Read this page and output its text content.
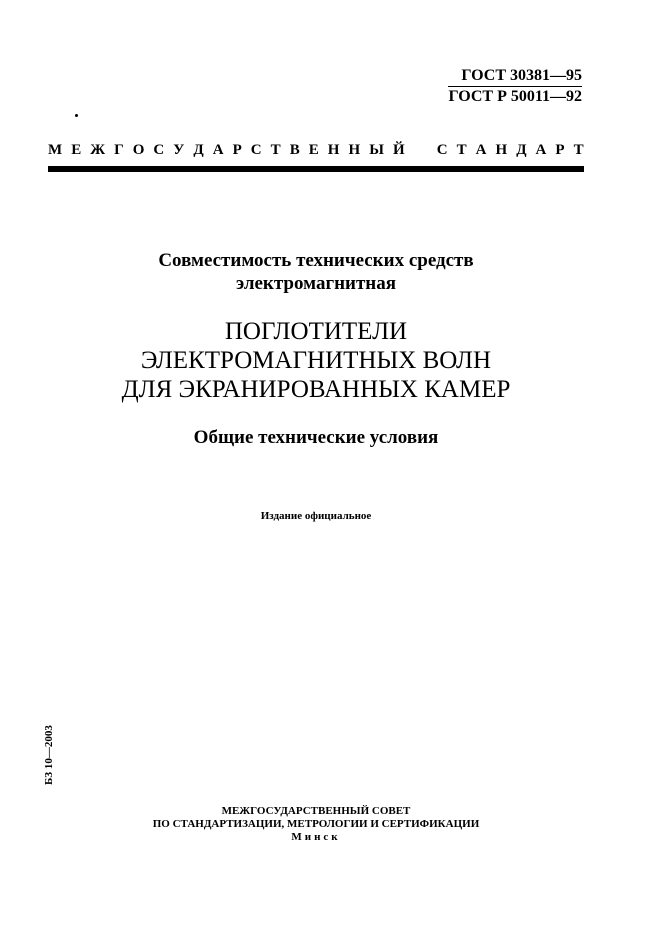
ГОСТ 30381—95
ГОСТ Р 50011—92
М Е Ж Г О С У Д А Р С Т В Е Н Н Ы Й С Т А Н Д А Р Т
Совместимость технических средств
электромагнитная
ПОГЛОТИТЕЛИ
ЭЛЕКТРОМАГНИТНЫХ ВОЛН
ДЛЯ ЭКРАНИРОВАННЫХ КАМЕР
Общие технические условия
Издание официальное
БЗ 10—2003
МЕЖГОСУДАРСТВЕННЫЙ СОВЕТ
ПО СТАНДАРТИЗАЦИИ, МЕТРОЛОГИИ И СЕРТИФИКАЦИИ
Минск
